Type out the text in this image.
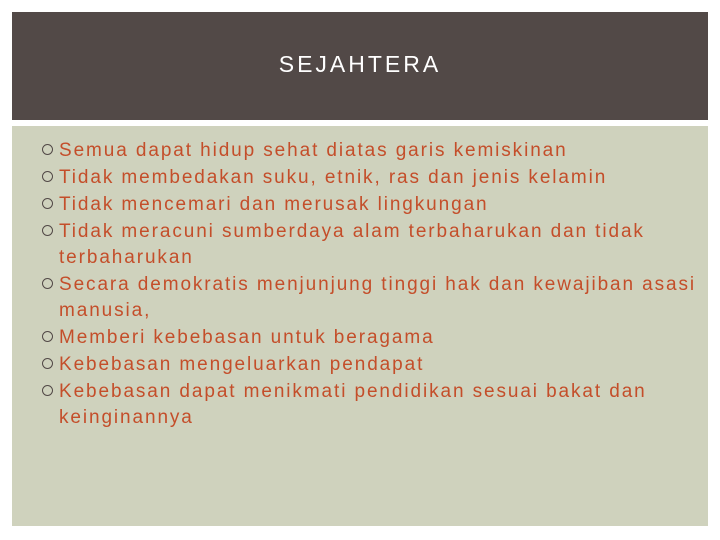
SEJAHTERA
Semua dapat hidup sehat diatas garis kemiskinan
Tidak membedakan suku, etnik, ras dan jenis kelamin
Tidak mencemari dan merusak lingkungan
Tidak meracuni sumberdaya alam terbaharukan dan tidak terbaharukan
Secara demokratis menjunjung tinggi hak dan kewajiban asasi manusia,
Memberi kebebasan untuk beragama
Kebebasan mengeluarkan pendapat
Kebebasan dapat menikmati pendidikan sesuai bakat dan keinginannya
